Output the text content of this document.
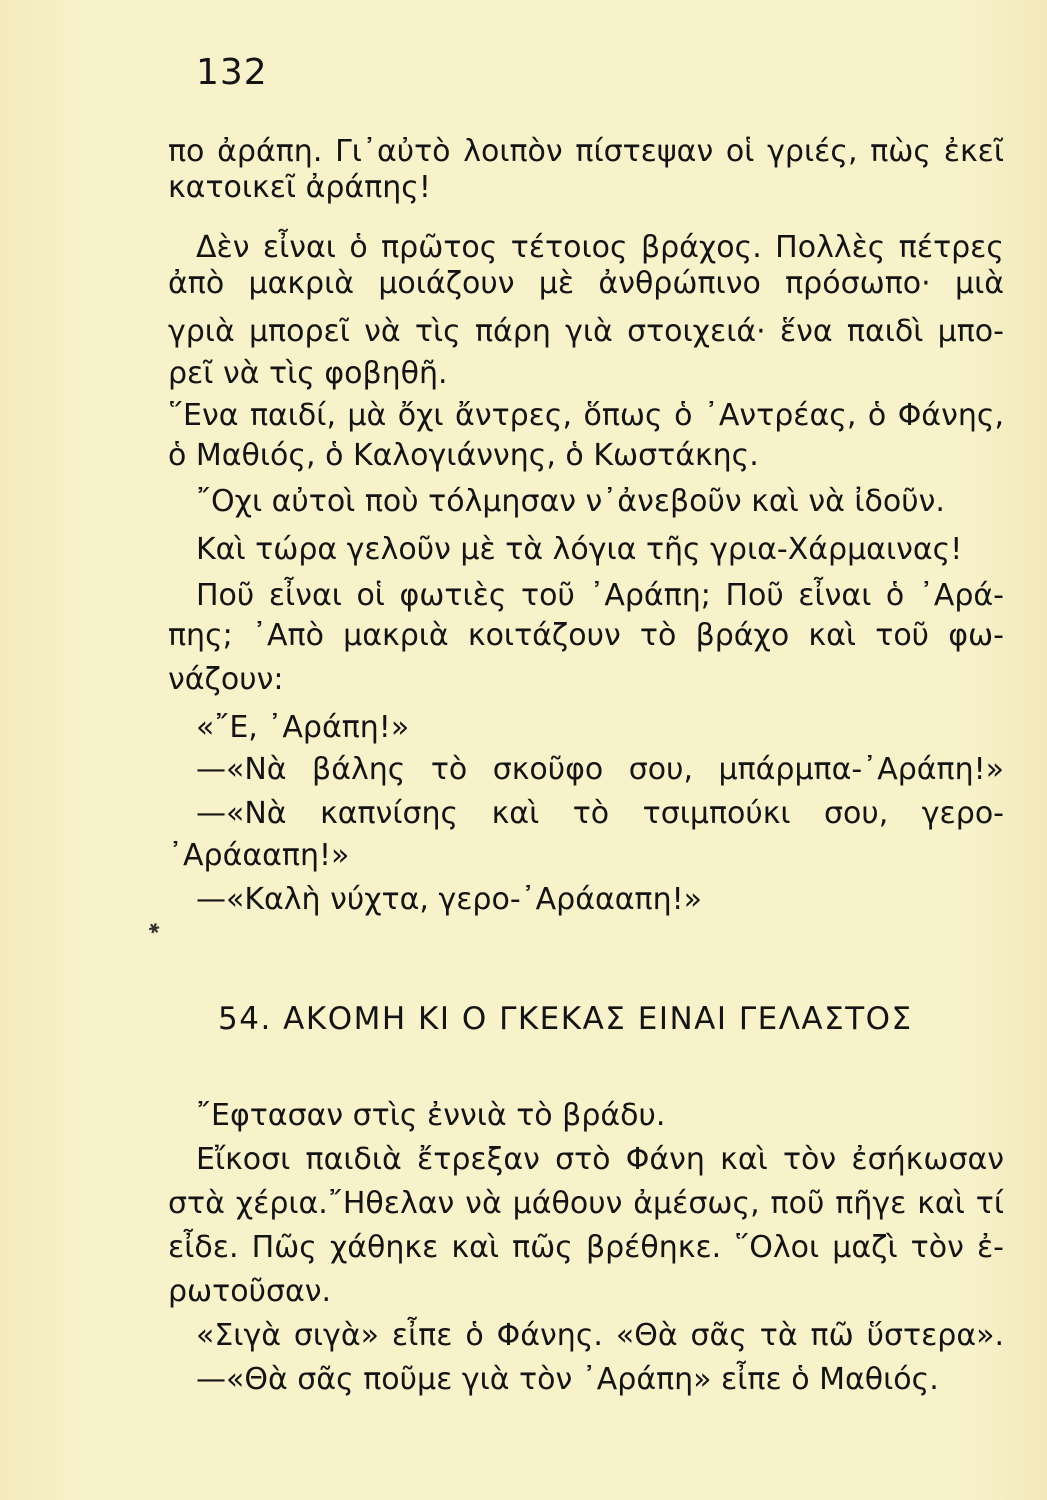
132
πο ἀράπη. Γι᾿αὐτὸ λοιπὸν πίστεψαν οἱ γριές, πὼς ἐκεῖ
κατοικεῖ ἀράπης!
Δὲν εἶναι ὁ πρῶτος τέτοιος βράχος. Πολλὲς πέτρες
ἀπὸ μακριὰ μοιάζουν μὲ ἀνθρώπινο πρόσωπο· μιὰ
γριὰ μπορεῖ νὰ τὶς πάρη γιὰ στοιχειά· ἕνα παιδὶ μπο-
ρεῖ νὰ τὶς φοβηθῆ.
῞Ενα παιδί, μὰ ὄχι ἄντρες, ὅπως ὁ ᾿Αντρέας, ὁ Φάνης,
ὁ Μαθιός, ὁ Καλογιάννης, ὁ Κωστάκης.
῎Οχι αὐτοὶ ποὺ τόλμησαν ν᾿ἀνεβοῦν καὶ νὰ ἰδοῦν.
Καὶ τώρα γελοῦν μὲ τὰ λόγια τῆς γρια-Χάρμαινας!
Ποῦ εἶναι οἱ φωτιὲς τοῦ ᾿Αράπη; Ποῦ εἶναι ὁ ᾿Αρά-
πης; ᾿Απὸ μακριὰ κοιτάζουν τὸ βράχο καὶ τοῦ φω-
νάζουν:
«῎Ε, ᾿Αράπη!»
—«Νὰ βάλης τὸ σκοῦφο σου, μπάρμπα-᾿Αράπη!»
—«Νὰ καπνίσης καὶ τὸ τσιμπούκι σου, γερο-
᾿Αράααπη!»
—«Καλὴ νύχτα, γερο-᾿Αράααπη!»
✱
54. ΑΚΟΜΗ ΚΙ Ο ΓΚΕΚΑΣ ΕΙΝΑΙ ΓΕΛΑΣΤΟΣ
῎Εφτασαν στὶς ἐννιὰ τὸ βράδυ.
Εἴκοσι παιδιὰ ἔτρεξαν στὸ Φάνη καὶ τὸν ἐσήκωσαν
στὰ χέρια.῎Ηθελαν νὰ μάθουν ἀμέσως, ποῦ πῆγε καὶ τί
εἶδε. Πῶς χάθηκε καὶ πῶς βρέθηκε. ῞Ολοι μαζὶ τὸν ἐ-
ρωτοῦσαν.
«Σιγὰ σιγὰ» εἶπε ὁ Φάνης. «Θὰ σᾶς τὰ πῶ ὕστερα».
—«Θὰ σᾶς ποῦμε γιὰ τὸν ᾿Αράπη» εἶπε ὁ Μαθιός.
